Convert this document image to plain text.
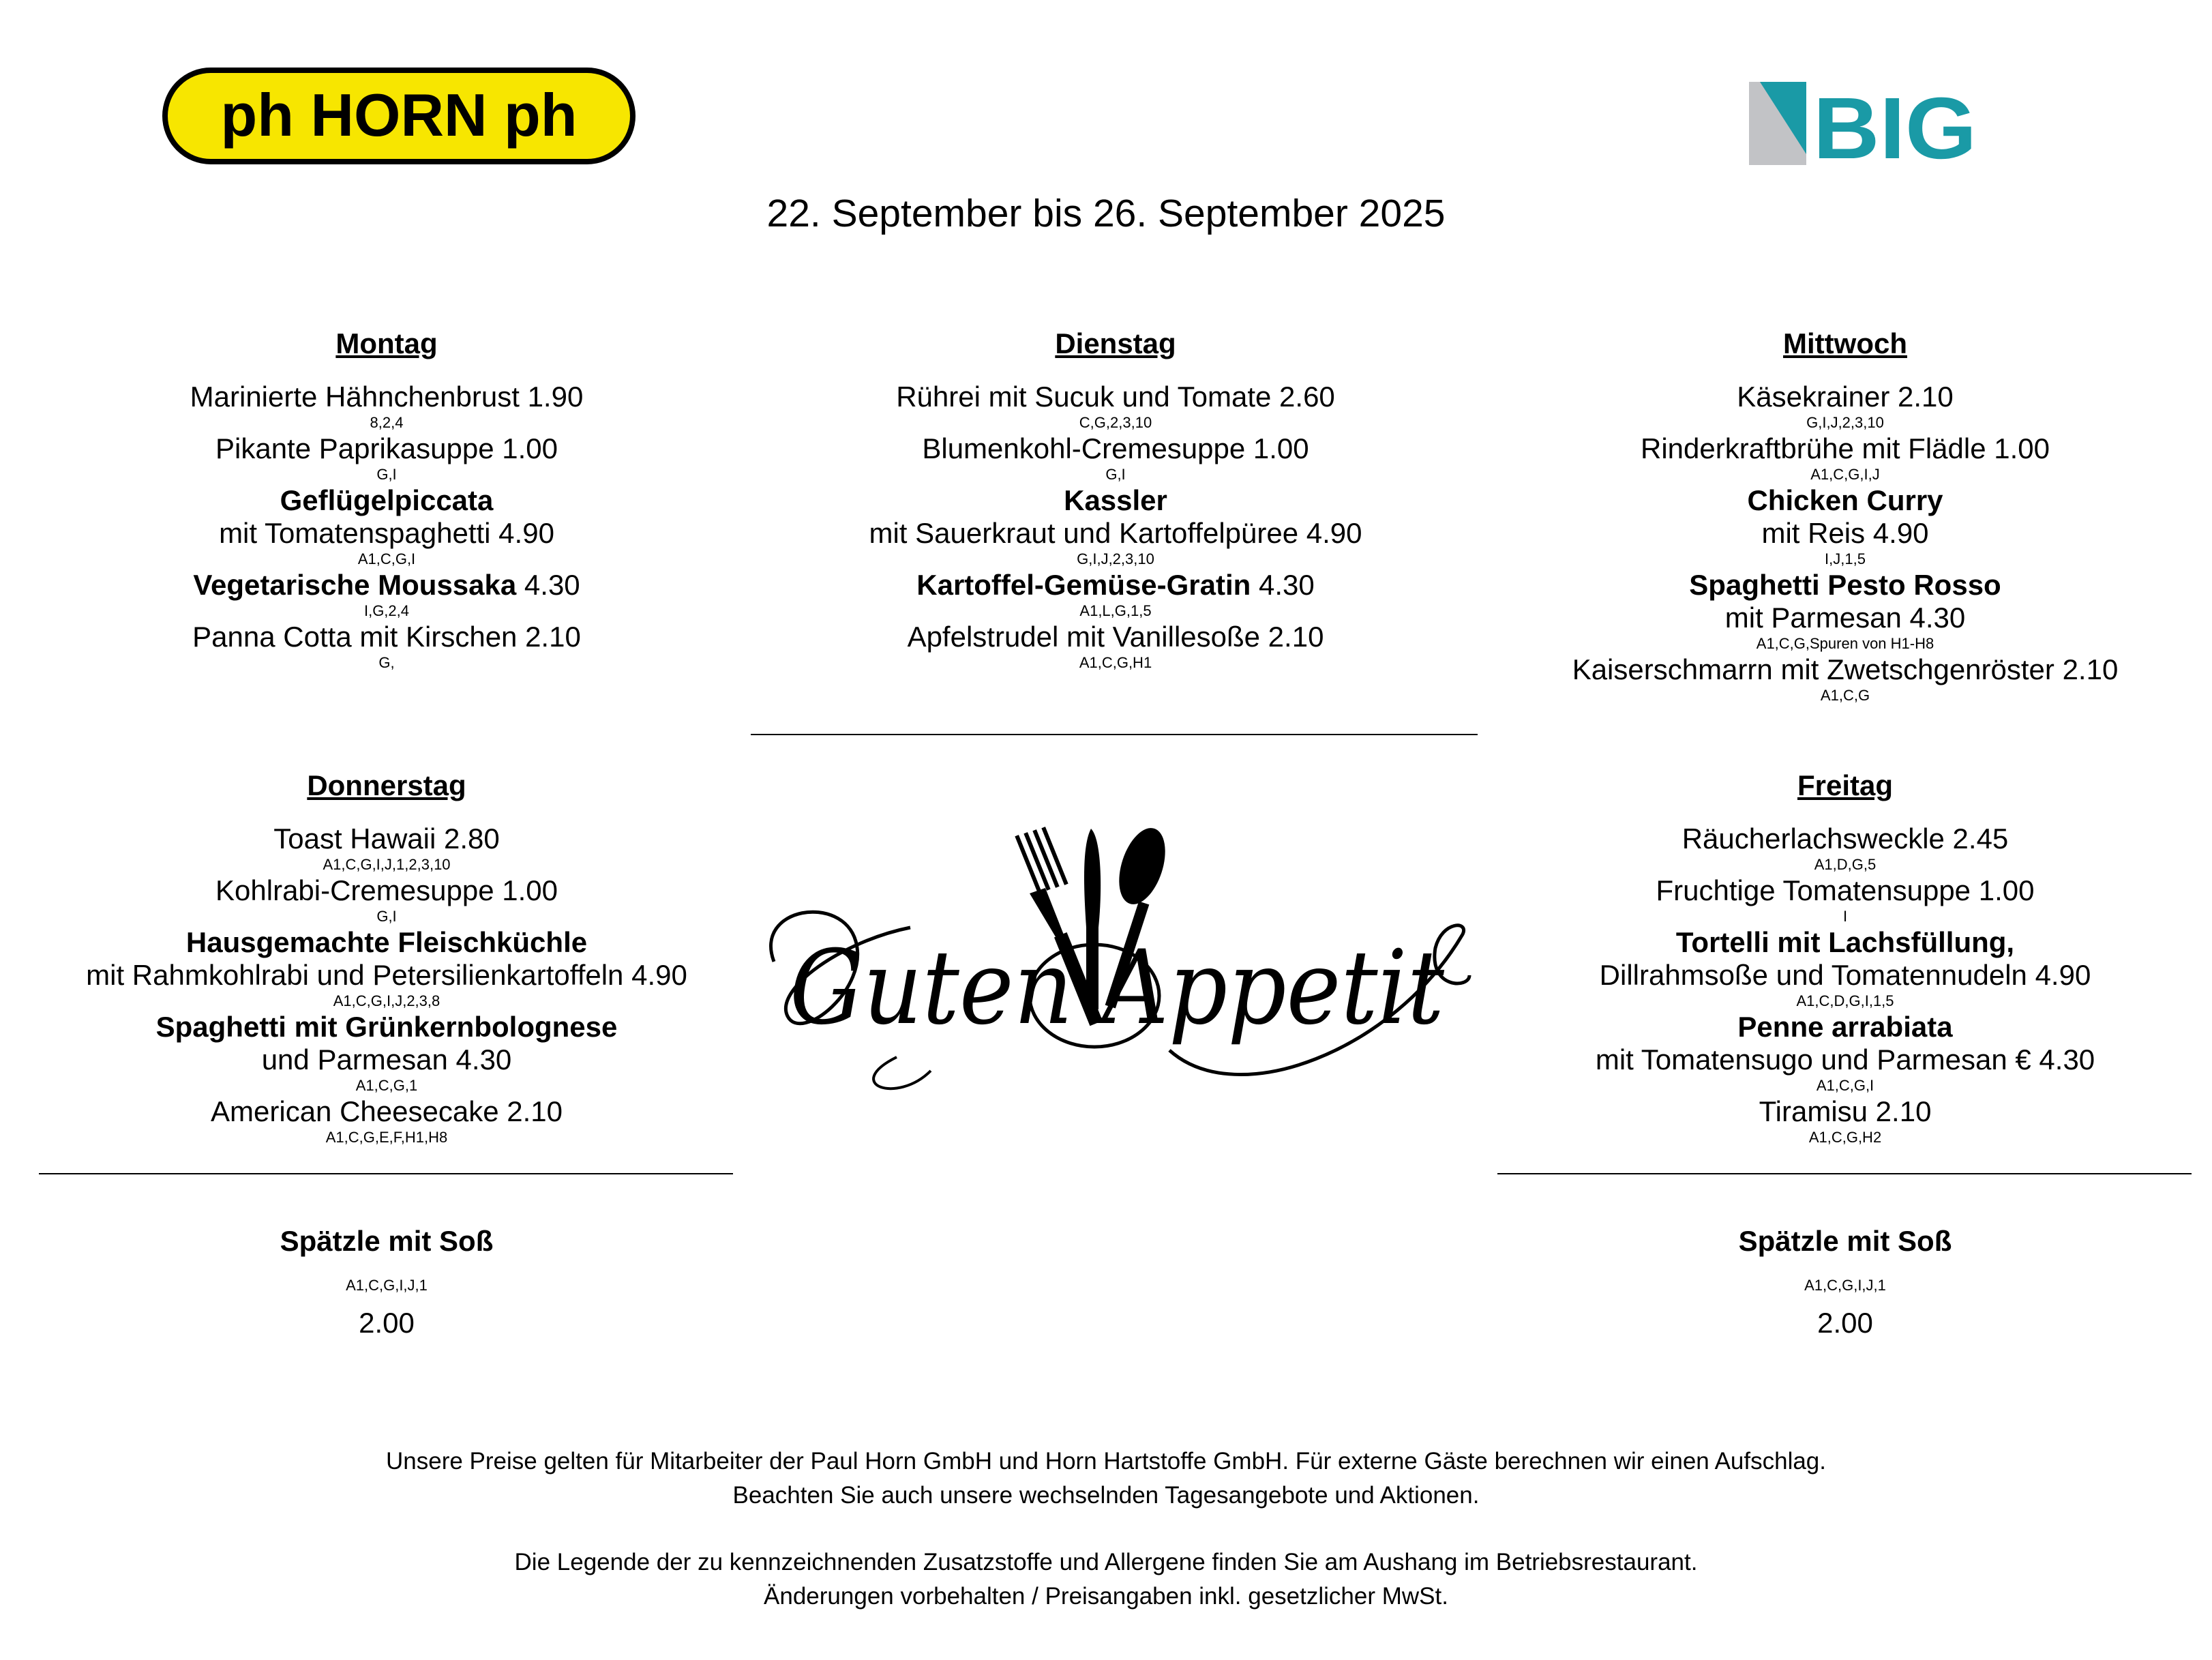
ph HORN ph	BIG
22. September bis 26. September 2025
Montag
Marinierte Hähnchenbrust 1.90
8,2,4
Pikante Paprikasuppe 1.00
G,I
Geflügelpiccata
mit Tomatenspaghetti 4.90
A1,C,G,I
Vegetarische Moussaka 4.30
I,G,2,4
Panna Cotta mit Kirschen 2.10
G,
Dienstag
Rührei mit Sucuk und Tomate 2.60
C,G,2,3,10
Blumenkohl-Cremesuppe 1.00
G,I
Kassler
mit Sauerkraut und Kartoffelpüree 4.90
G,I,J,2,3,10
Kartoffel-Gemüse-Gratin 4.30
A1,L,G,1,5
Apfelstrudel mit Vanillesoße 2.10
A1,C,G,H1
Mittwoch
Käsekrainer 2.10
G,I,J,2,3,10
Rinderkraftbrühe mit Flädle 1.00
A1,C,G,I,J
Chicken Curry
mit Reis 4.90
I,J,1,5
Spaghetti Pesto Rosso
mit Parmesan 4.30
A1,C,G,Spuren von H1-H8
Kaiserschmarrn mit Zwetschgenröster 2.10
A1,C,G
Donnerstag
Toast Hawaii 2.80
A1,C,G,I,J,1,2,3,10
Kohlrabi-Cremesuppe 1.00
G,I
Hausgemachte Fleischküchle
mit Rahmkohlrabi und Petersilienkartoffeln 4.90
A1,C,G,I,J,2,3,8
Spaghetti mit Grünkernbolognese
und Parmesan 4.30
A1,C,G,1
American Cheesecake 2.10
A1,C,G,E,F,H1,H8
Freitag
Räucherlachsweckle 2.45
A1,D,G,5
Fruchtige Tomatensuppe 1.00
I
Tortelli mit Lachsfüllung,
Dillrahmsoße und Tomatennudeln 4.90
A1,C,D,G,I,1,5
Penne arrabiata
mit Tomatensugo und Parmesan € 4.30
A1,C,G,I
Tiramisu 2.10
A1,C,G,H2
Guten Appetit
Spätzle mit Soß
A1,C,G,I,J,1
2.00
Spätzle mit Soß
A1,C,G,I,J,1
2.00
Unsere Preise gelten für Mitarbeiter der Paul Horn GmbH und Horn Hartstoffe GmbH. Für externe Gäste berechnen wir einen Aufschlag.
Beachten Sie auch unsere wechselnden Tagesangebote und Aktionen.
Die Legende der zu kennzeichnenden Zusatzstoffe und Allergene finden Sie am Aushang im Betriebsrestaurant.
Änderungen vorbehalten / Preisangaben inkl. gesetzlicher MwSt.
